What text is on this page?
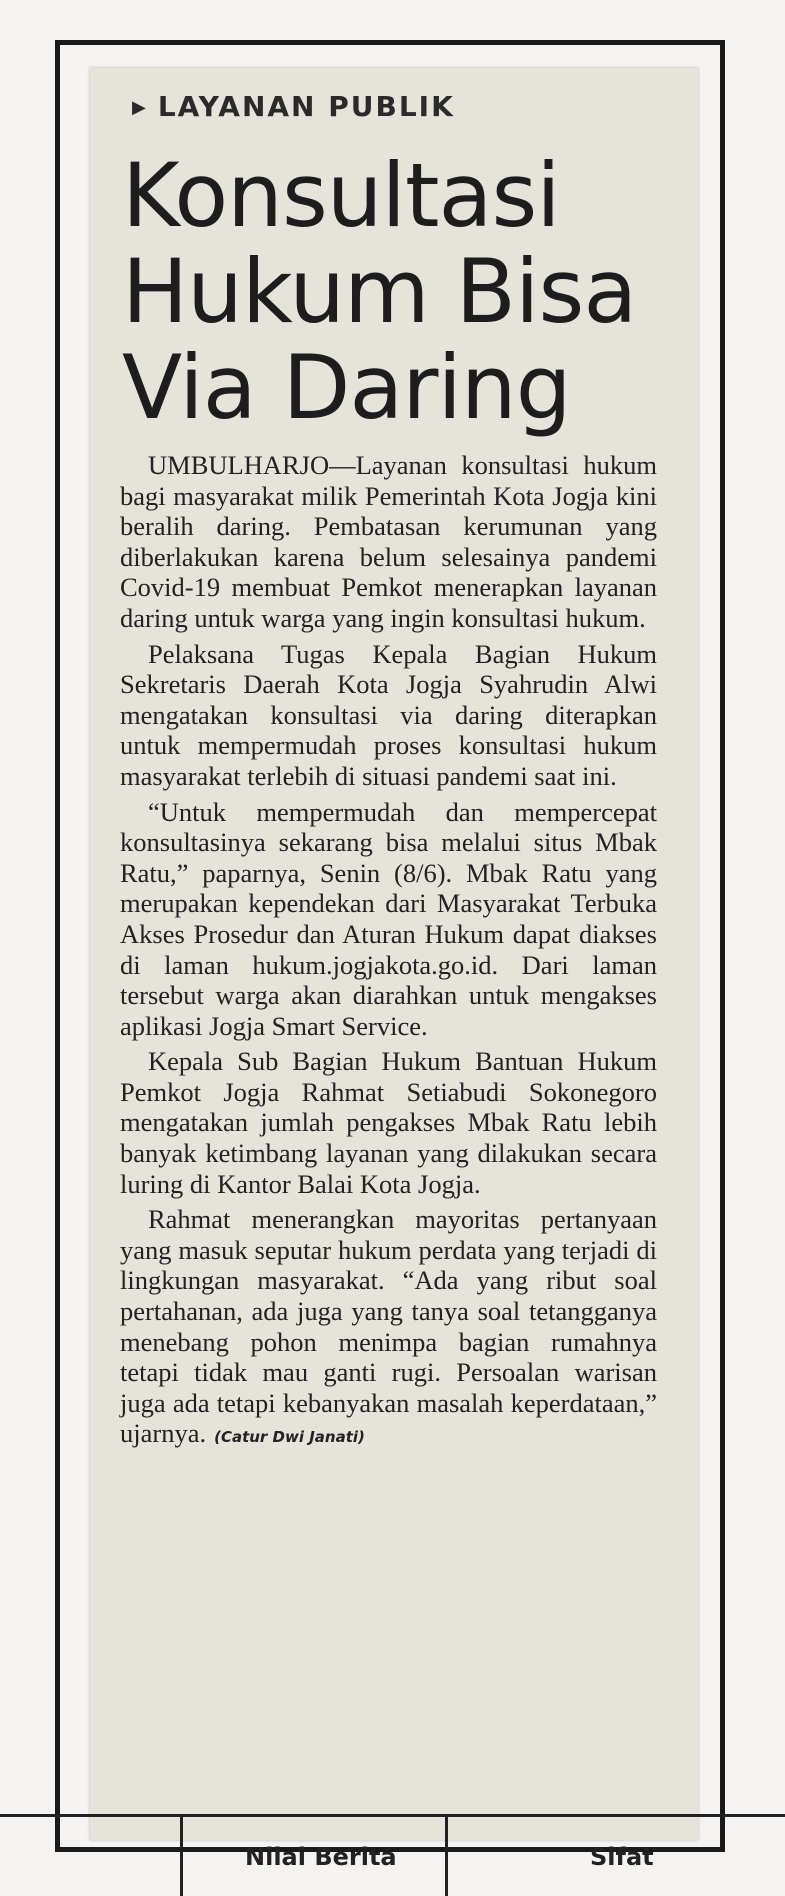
▶ LAYANAN PUBLIK
Konsultasi
Hukum Bisa
Via Daring

UMBULHARJO—Layanan konsultasi hukum bagi masyarakat milik Pemerintah Kota Jogja kini beralih daring. Pembatasan kerumunan yang diberlakukan karena belum selesainya pandemi Covid-19 membuat Pemkot menerapkan layanan daring untuk warga yang ingin konsultasi hukum.

Pelaksana Tugas Kepala Bagian Hukum Sekretaris Daerah Kota Jogja Syahrudin Alwi mengatakan konsultasi via daring diterapkan untuk mempermudah proses konsultasi hukum masyarakat terlebih di situasi pandemi saat ini.

“Untuk mempermudah dan mempercepat konsultasinya sekarang bisa melalui situs Mbak Ratu,” paparnya, Senin (8/6). Mbak Ratu yang merupakan kependekan dari Masyarakat Terbuka Akses Prosedur dan Aturan Hukum dapat diakses di laman hukum.jogjakota.go.id. Dari laman tersebut warga akan diarahkan untuk mengakses aplikasi Jogja Smart Service.

Kepala Sub Bagian Hukum Bantuan Hukum Pemkot Jogja Rahmat Setiabudi Sokonegoro mengatakan jumlah pengakses Mbak Ratu lebih banyak ketimbang layanan yang dilakukan secara luring di Kantor Balai Kota Jogja.

Rahmat menerangkan mayoritas pertanyaan yang masuk seputar hukum perdata yang terjadi di lingkungan masyarakat. “Ada yang ribut soal pertahanan, ada juga yang tanya soal tetangganya menebang pohon menimpa bagian rumahnya tetapi tidak mau ganti rugi. Persoalan warisan juga ada tetapi kebanyakan masalah keperdataan,” ujarnya. (Catur Dwi Janati)

Nilai Berita	Sifat
